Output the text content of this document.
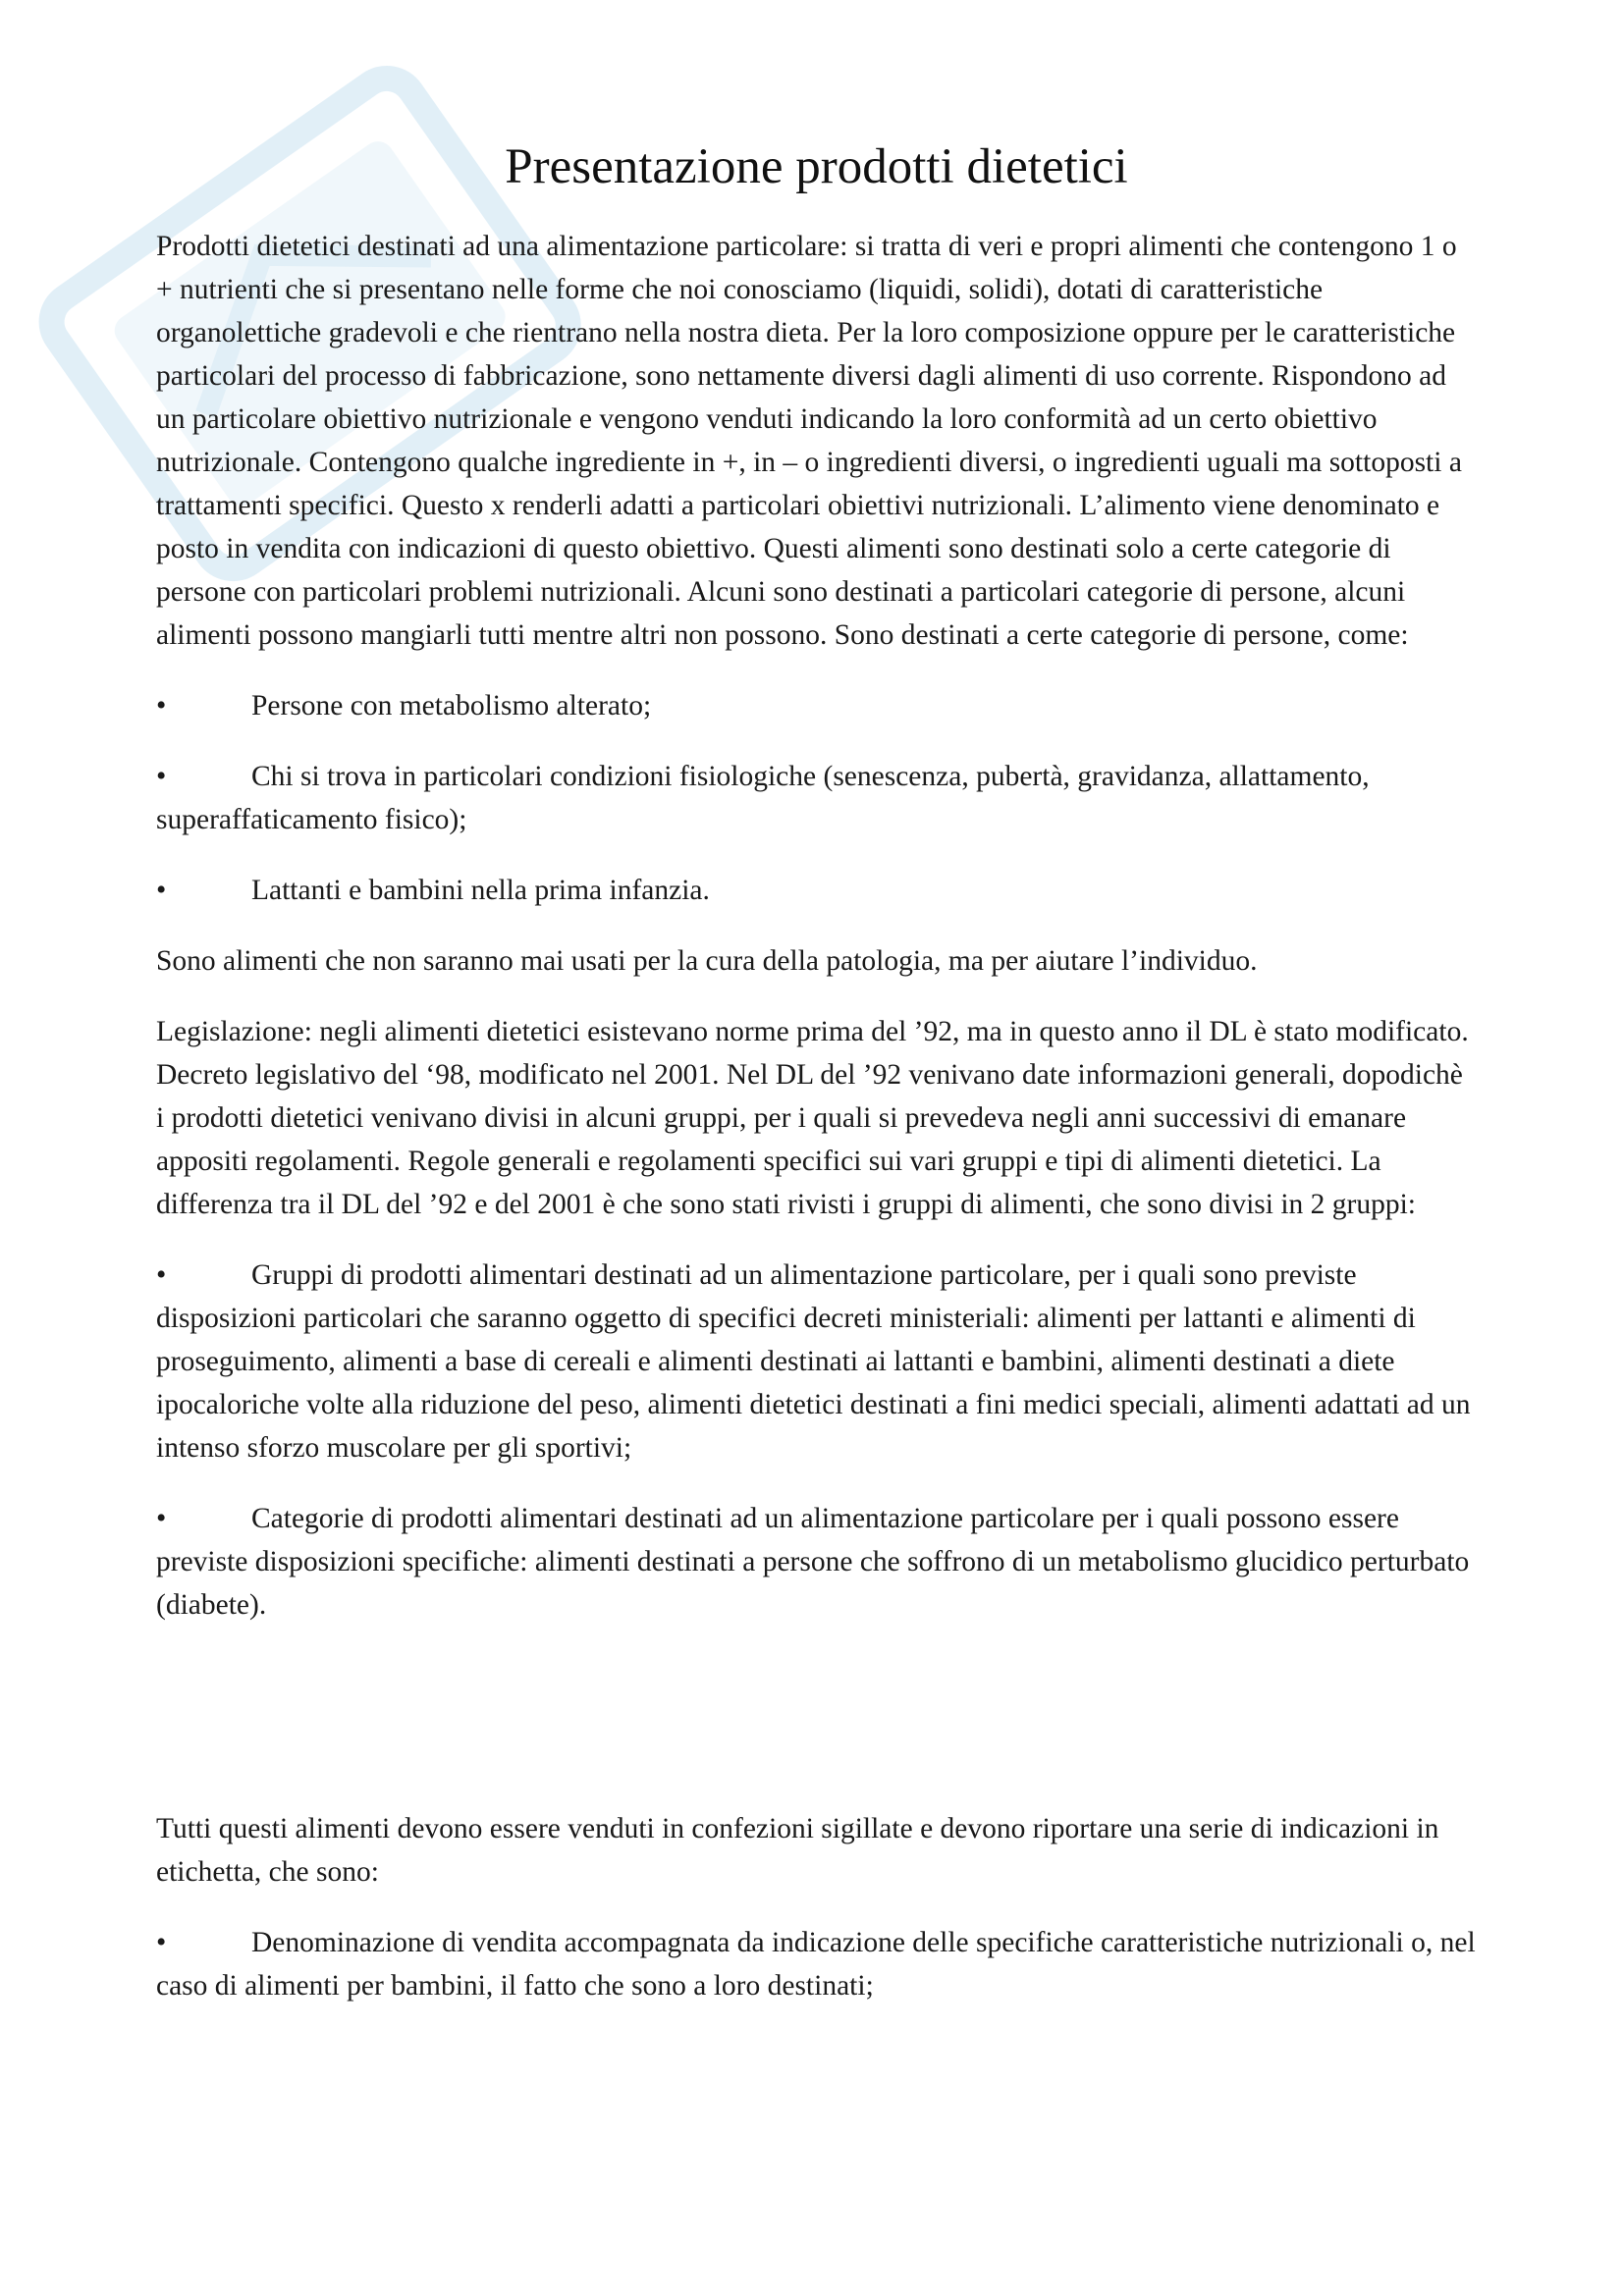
Presentazione prodotti dietetici

Prodotti dietetici destinati ad una alimentazione particolare: si tratta di veri e propri alimenti che contengono 1 o + nutrienti che si presentano nelle forme che noi conosciamo (liquidi, solidi), dotati di caratteristiche organolettiche gradevoli e che rientrano nella nostra dieta. Per la loro composizione oppure per le caratteristiche particolari del processo di fabbricazione, sono nettamente diversi dagli alimenti di uso corrente. Rispondono ad un particolare obiettivo nutrizionale e vengono venduti indicando la loro conformità ad un certo obiettivo nutrizionale. Contengono qualche ingrediente in +, in – o ingredienti diversi, o ingredienti uguali ma sottoposti a trattamenti specifici. Questo x renderli adatti a particolari obiettivi nutrizionali. L’alimento viene denominato e posto in vendita con indicazioni di questo obiettivo. Questi alimenti sono destinati solo a certe categorie di persone con particolari problemi nutrizionali. Alcuni sono destinati a particolari categorie di persone, alcuni alimenti possono mangiarli tutti mentre altri non possono. Sono destinati a certe categorie di persone, come:

•	Persone con metabolismo alterato;

•	Chi si trova in particolari condizioni fisiologiche (senescenza, pubertà, gravidanza, allattamento, superaffaticamento fisico);

•	Lattanti e bambini nella prima infanzia.

Sono alimenti che non saranno mai usati per la cura della patologia, ma per aiutare l’individuo.

Legislazione: negli alimenti dietetici esistevano norme prima del ’92, ma in questo anno il DL è stato modificato. Decreto legislativo del ‘98, modificato nel 2001. Nel DL del ’92 venivano date informazioni generali, dopodichè i prodotti dietetici venivano divisi in alcuni gruppi, per i quali si prevedeva negli anni successivi di emanare appositi regolamenti. Regole generali e regolamenti specifici sui vari gruppi e tipi di alimenti dietetici. La differenza tra il DL del ’92 e del 2001 è che sono stati rivisti i gruppi di alimenti, che sono divisi in 2 gruppi:

•	Gruppi di prodotti alimentari destinati ad un alimentazione particolare, per i quali sono previste disposizioni particolari che saranno oggetto di specifici decreti ministeriali: alimenti per lattanti e alimenti di proseguimento, alimenti a base di cereali e alimenti destinati ai lattanti e bambini, alimenti destinati a diete ipocaloriche volte alla riduzione del peso, alimenti dietetici destinati a fini medici speciali, alimenti adattati ad un intenso sforzo muscolare per gli sportivi;

•	Categorie di prodotti alimentari destinati ad un alimentazione particolare per i quali possono essere previste disposizioni specifiche: alimenti destinati a persone che soffrono di un metabolismo glucidico perturbato (diabete).

Tutti questi alimenti devono essere venduti in confezioni sigillate e devono riportare una serie di indicazioni in etichetta, che sono:

•	Denominazione di vendita accompagnata da indicazione delle specifiche caratteristiche nutrizionali o, nel caso di alimenti per bambini, il fatto che sono a loro destinati;
